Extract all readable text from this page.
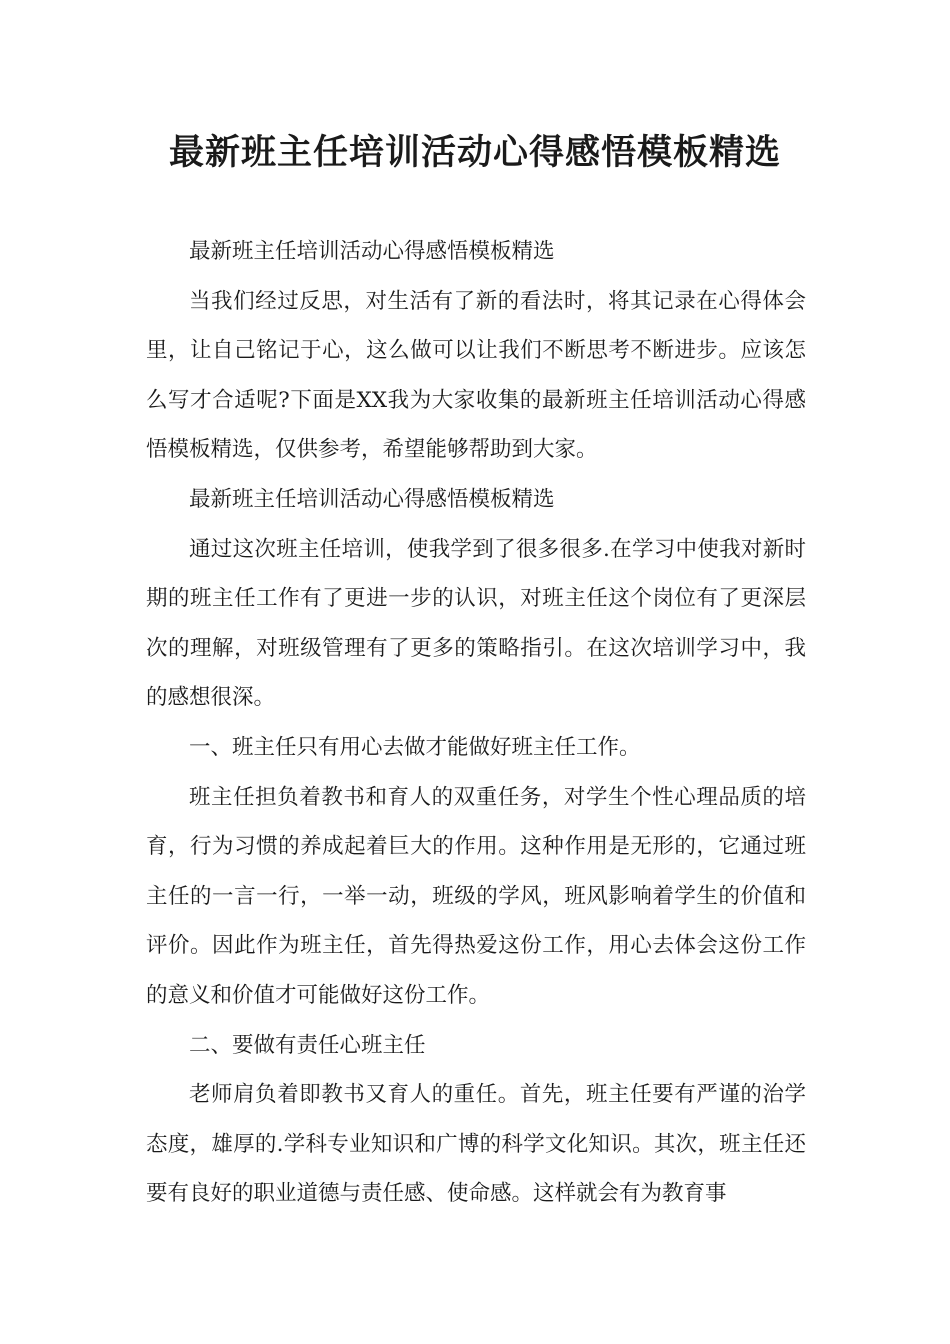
最新班主任培训活动心得感悟模板精选

最新班主任培训活动心得感悟模板精选

当我们经过反思，对生活有了新的看法时，将其记录在心得体会里，让自己铭记于心，这么做可以让我们不断思考不断进步。应该怎么写才合适呢?下面是XX我为大家收集的最新班主任培训活动心得感悟模板精选，仅供参考，希望能够帮助到大家。

最新班主任培训活动心得感悟模板精选

通过这次班主任培训，使我学到了很多很多.在学习中使我对新时期的班主任工作有了更进一步的认识，对班主任这个岗位有了更深层次的理解，对班级管理有了更多的策略指引。在这次培训学习中，我的感想很深。

一、班主任只有用心去做才能做好班主任工作。

班主任担负着教书和育人的双重任务，对学生个性心理品质的培育，行为习惯的养成起着巨大的作用。这种作用是无形的，它通过班主任的一言一行，一举一动，班级的学风，班风影响着学生的价值和评价。因此作为班主任，首先得热爱这份工作，用心去体会这份工作的意义和价值才可能做好这份工作。

二、要做有责任心班主任

老师肩负着即教书又育人的重任。首先，班主任要有严谨的治学态度，雄厚的.学科专业知识和广博的科学文化知识。其次，班主任还要有良好的职业道德与责任感、使命感。这样就会有为教育事
